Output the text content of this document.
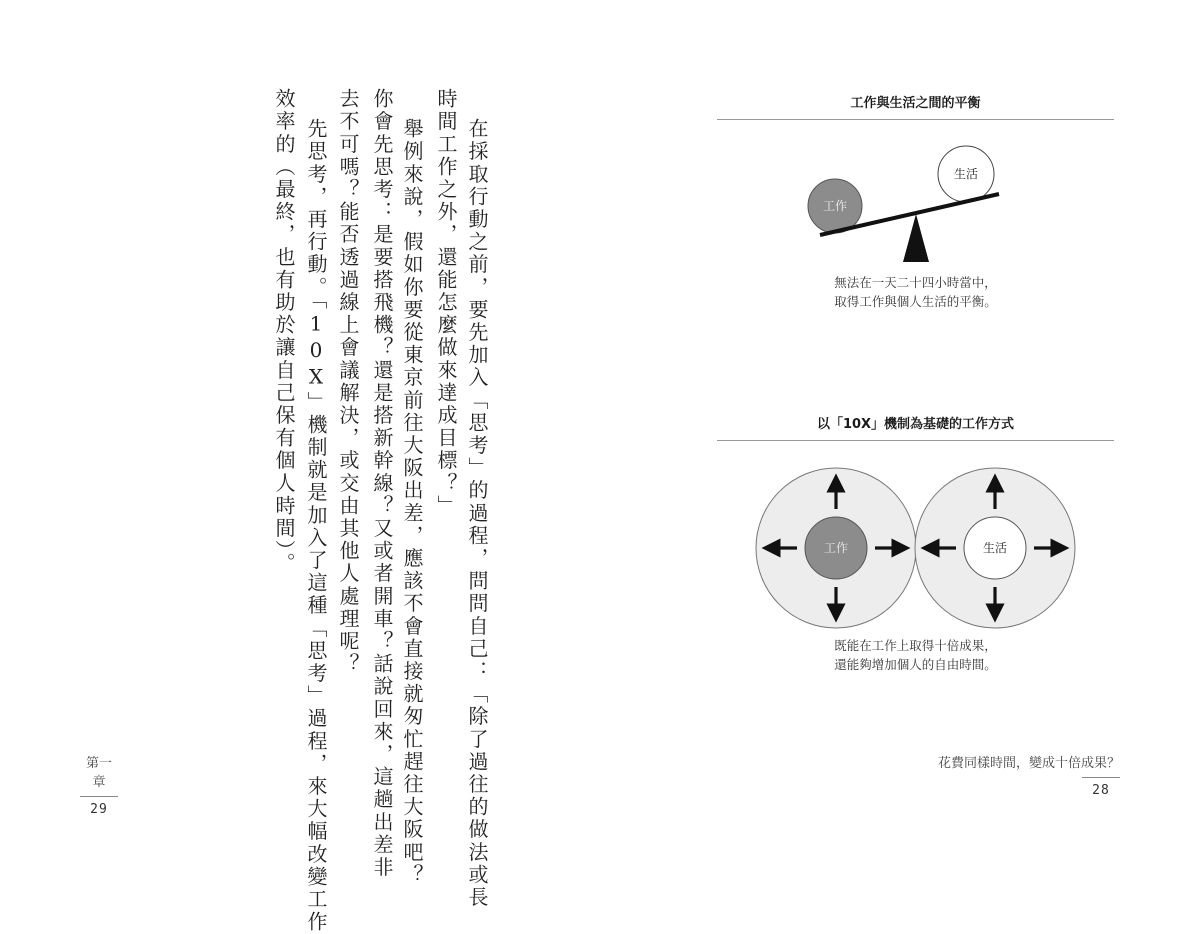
在採取行動之前，要先加入「思考」的過程，問問自己：「除了過往的做法或長
時間工作之外，還能怎麼做來達成目標？」
舉例來說，假如你要從東京前往大阪出差，應該不會直接就匆忙趕往大阪吧？
你會先思考：是要搭飛機？還是搭新幹線？又或者開車？話說回來，這趟出差非
去不可嗎？能否透過線上會議解決，或交由其他人處理呢？
先思考，再行動。「10X」機制就是加入了這種「思考」過程，來大幅改變工作
效率的（最終，也有助於讓自己保有個人時間）。
第一章
29
工作與生活之間的平衡
工作
生活
無法在一天二十四小時當中，
取得工作與個人生活的平衡。
以「10X」機制為基礎的工作方式
工作	生活
既能在工作上取得十倍成果，
還能夠增加個人的自由時間。
花費同樣時間，變成十倍成果？
28
